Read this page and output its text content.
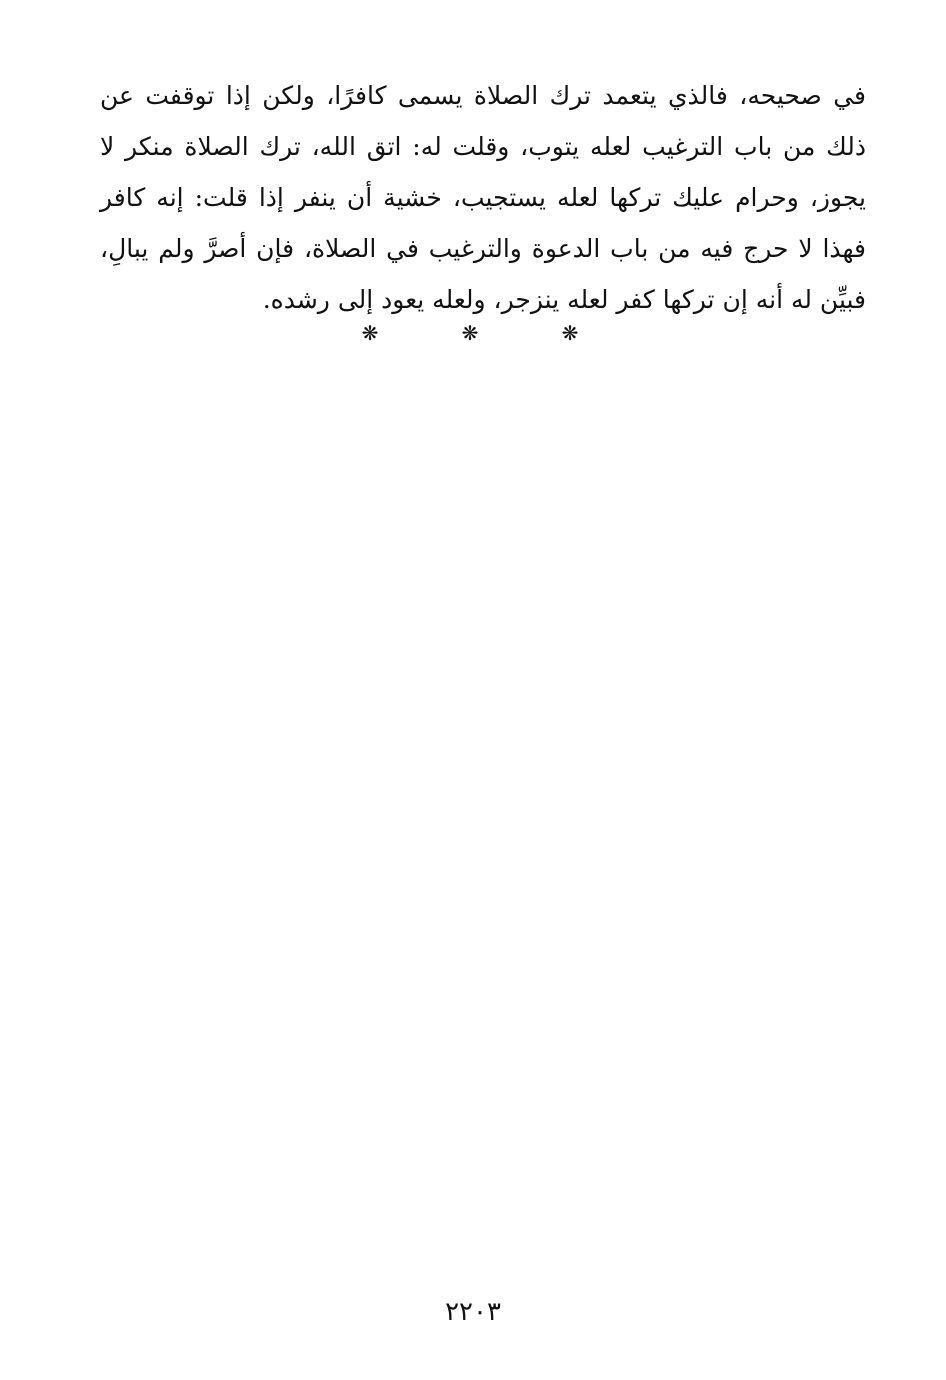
في صحيحه، فالذي يتعمد ترك الصلاة يسمى كافرًا، ولكن إذا توقفت عن
ذلك من باب الترغيب لعله يتوب، وقلت له: اتق الله، ترك الصلاة منكر لا
يجوز، وحرام عليك تركها لعله يستجيب، خشية أن ينفر إذا قلت: إنه كافر
فهذا لا حرج فيه من باب الدعوة والترغيب في الصلاة، فإن أصرَّ ولم يبالِ،
فبيِّن له أنه إن تركها كفر لعله ينزجر، ولعله يعود إلى رشده.
❋
❋
❋
٢٢٠٣
